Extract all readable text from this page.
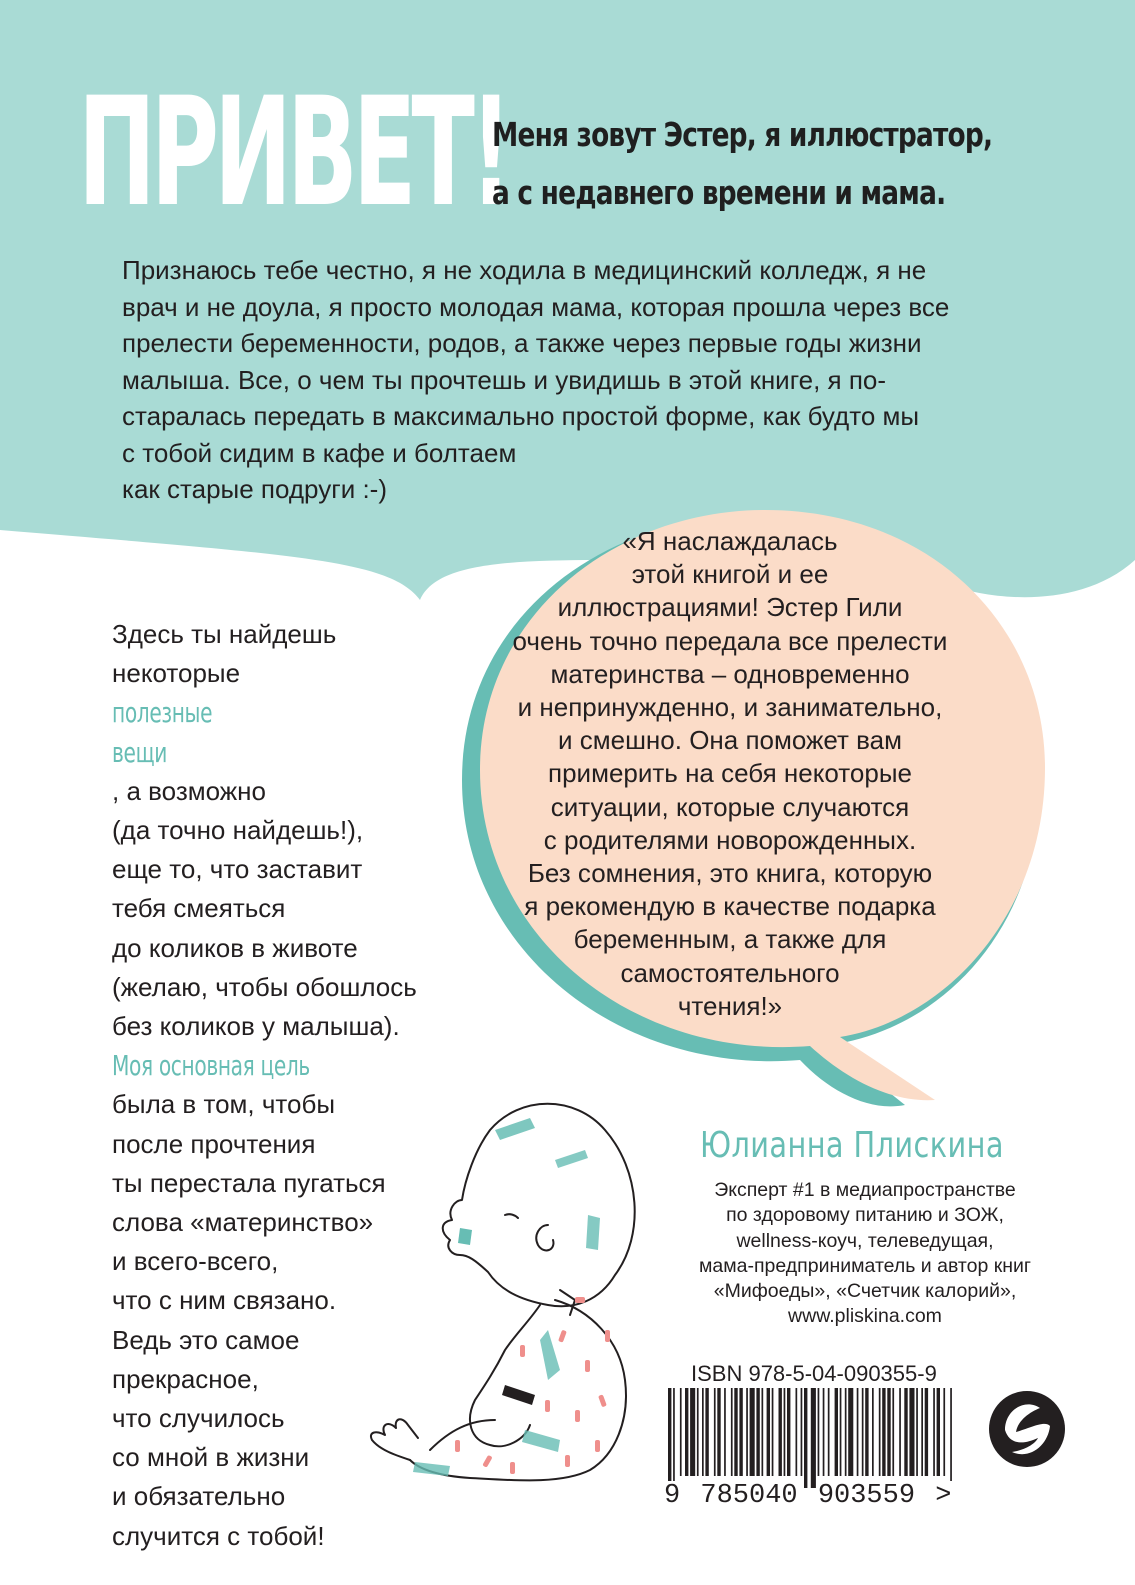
ПРИВЕТ!
Меня зовут Эстер, я иллюстратор,
а с недавнего времени и мама.
Признаюсь тебе честно, я не ходила в медицинский колледж, я не
врач и не доула, я просто молодая мама, которая прошла через все
прелести беременности, родов, а также через первые годы жизни
малыша. Все, о чем ты прочтешь и увидишь в этой книге, я по-
старалась передать в максимально простой форме, как будто мы
с тобой сидим в кафе и болтаем
как старые подруги :-)
Здесь ты найдешь
некоторые
полезные
вещи
, а возможно
(да точно найдешь!),
еще то, что заставит
тебя смеяться
до коликов в животе
(желаю, чтобы обошлось
без коликов у малыша).
Моя основная цель
была в том, чтобы
после прочтения
ты перестала пугаться
слова «материнство»
и всего-всего,
что с ним связано.
Ведь это самое
прекрасное,
что случилось
со мной в жизни
и обязательно
случится с тобой!
«Я наслаждалась
этой книгой и ее
иллюстрациями! Эстер Гили
очень точно передала все прелести
материнства – одновременно
и непринужденно, и занимательно,
и смешно. Она поможет вам
примерить на себя некоторые
ситуации, которые случаются
с родителями новорожденных.
Без сомнения, это книга, которую
я рекомендую в качестве подарка
беременным, а также для
самостоятельного
чтения!»
Юлианна Плискина
Эксперт #1 в медиапространстве
по здоровому питанию и ЗОЖ,
wellness-коуч, телеведущая,
мама-предприниматель и автор книг
«Мифоеды», «Счетчик калорий»,
www.pliskina.com
ISBN 978-5-04-090355-9
9 785040 903559 >
